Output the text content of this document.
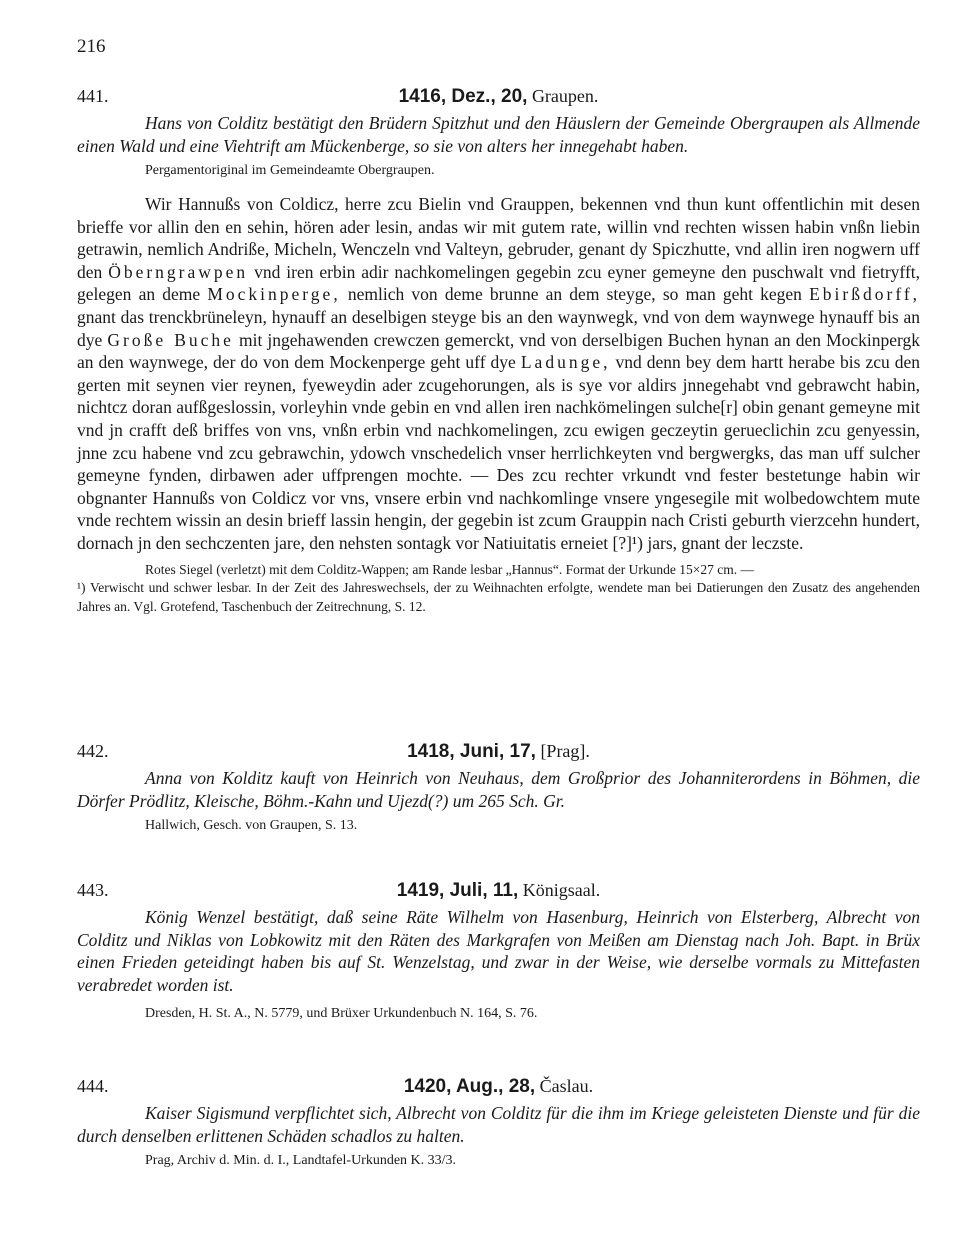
216
441.	1416, Dez., 20, Graupen.

Hans von Colditz bestätigt den Brüdern Spitzhut und den Häuslern der Gemeinde Obergraupen als Allmende einen Wald und eine Viehtrift am Mückenberge, so sie von alters her innegehabt haben.

Pergamentoriginal im Gemeindeamte Obergraupen.

Wir Hannußs von Coldicz, herre zcu Bielin vnd Grauppen, bekennen vnd thun kunt offentlichin mit desen brieffe vor allin den en sehin, hören ader lesin, andas wir mit gutem rate, willin vnd rechten wissen habin vnßn liebin getrawin, nemlich Andriße, Micheln, Wenczeln vnd Valteyn, gebruder, genant dy Spiczhutte, vnd allin iren nogwern uff den Öberngrawpen vnd iren erbin adir nachkomelingen gegebin zcu eyner gemeyne den puschwalt vnd fietryfft, gelegen an deme Mockinperge, nemlich von deme brunne an dem steyge, so man geht kegen Ebirßdorff, gnant das trenckbrüneleyn, hynauff an deselbigen steyge bis an den waynwegk, vnd von dem waynwege hynauff bis an dye Große Buche mit jngehawenden crewczen gemerckt, vnd von derselbigen Buchen hynan an den Mockinpergk an den waynwege, der do von dem Mockenperge geht uff dye Ladunge, vnd denn bey dem hartt herabe bis zcu den gerten mit seynen vier reynen, fyeweydin ader zcugehorungen, als is sye vor aldirs jnnegehabt vnd gebrawcht habin, nichtcz doran aufßgeslossin, vorleyhin vnde gebin en vnd allen iren nachkömelingen sulche[r] obin genant gemeyne mit vnd jn crafft deß briffes von vns, vnßn erbin vnd nachkomelingen, zcu ewigen geczeytin gerueclichin zcu genyessin, jnne zcu habene vnd zcu gebrawchin, ydowch vnschedelich vnser herrlichkeyten vnd bergwergks, das man uff sulcher gemeyne fynden, dirbawen ader uffprengen mochte. — Des zcu rechter vrkundt vnd fester bestetunge habin wir obgnanter Hannußs von Coldicz vor vns, vnsere erbin vnd nachkomlinge vnsere yngesegile mit wolbedowchtem mute vnde rechtem wissin an desin brieff lassin hengin, der gegebin ist zcum Grauppin nach Cristi geburth vierzcehn hundert, dornach jn den sechczenten jare, den nehsten sontagk vor Natiuitatis erneiet [?]¹) jars, gnant der leczste.

Rotes Siegel (verletzt) mit dem Colditz-Wappen; am Rande lesbar „Hannus“. Format der Urkunde 15×27 cm. —

¹) Verwischt und schwer lesbar. In der Zeit des Jahreswechsels, der zu Weihnachten erfolgte, wendete man bei Datierungen den Zusatz des angehenden Jahres an. Vgl. Grotefend, Taschenbuch der Zeitrechnung, S. 12.

442.	1418, Juni, 17, [Prag].

Anna von Kolditz kauft von Heinrich von Neuhaus, dem Großprior des Johanniterordens in Böhmen, die Dörfer Prödlitz, Kleische, Böhm.-Kahn und Ujezd(?) um 265 Sch. Gr.

Hallwich, Gesch. von Graupen, S. 13.

443.	1419, Juli, 11, Königsaal.

König Wenzel bestätigt, daß seine Räte Wilhelm von Hasenburg, Heinrich von Elsterberg, Albrecht von Colditz und Niklas von Lobkowitz mit den Räten des Markgrafen von Meißen am Dienstag nach Joh. Bapt. in Brüx einen Frieden geteidingt haben bis auf St. Wenzelstag, und zwar in der Weise, wie derselbe vormals zu Mittefasten verabredet worden ist.

Dresden, H. St. A., N. 5779, und Brüxer Urkundenbuch N. 164, S. 76.

444.	1420, Aug., 28, Časlau.

Kaiser Sigismund verpflichtet sich, Albrecht von Colditz für die ihm im Kriege geleisteten Dienste und für die durch denselben erlittenen Schäden schadlos zu halten.

Prag, Archiv d. Min. d. I., Landtafel-Urkunden K. 33/3.
